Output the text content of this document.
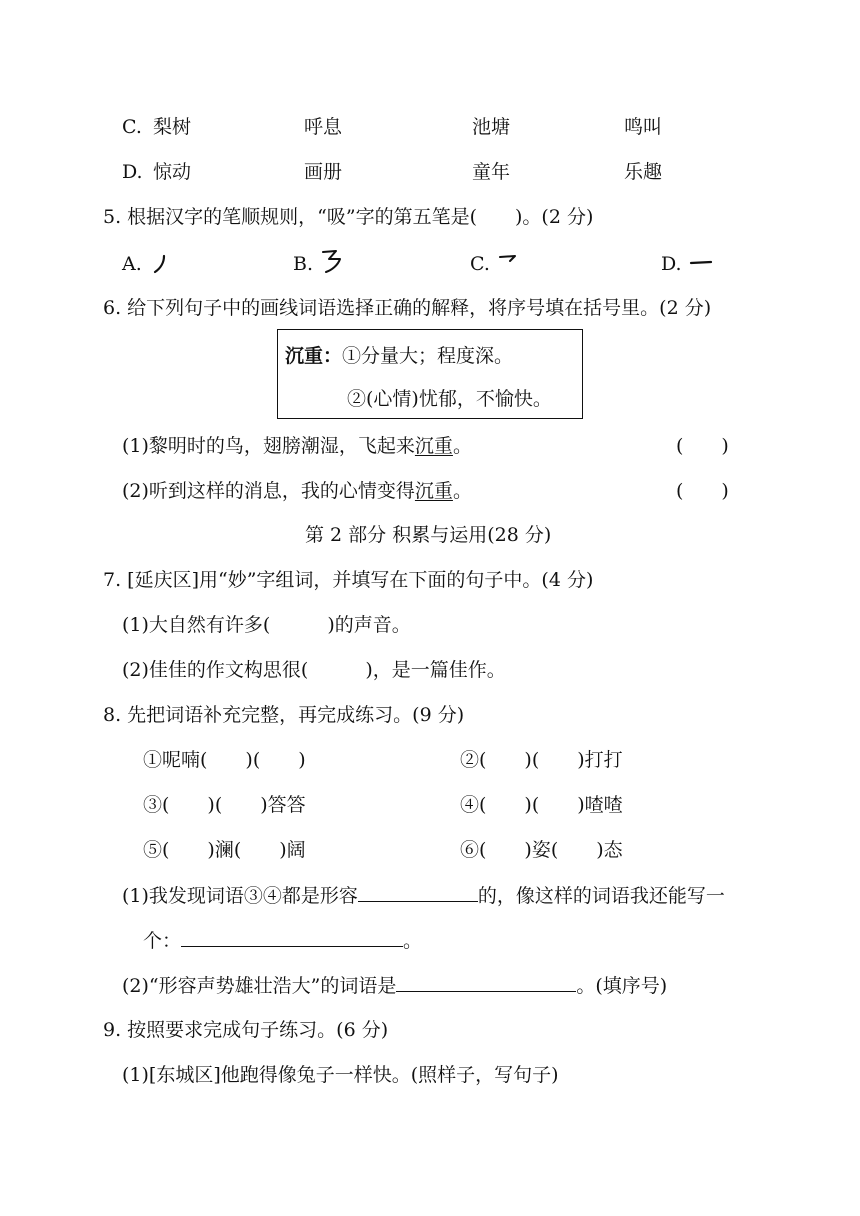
C. 梨树	呼息	池塘	鸣叫
D. 惊动	画册	童年	乐趣
5. 根据汉字的笔顺规则，“吸”字的第五笔是(　　)。(2 分)
A.	B.	C.	D.
6. 给下列句子中的画线词语选择正确的解释，将序号填在括号里。(2 分)
沉重：①分量大；程度深。
②(心情)忧郁，不愉快。
(1)黎明时的鸟，翅膀潮湿，飞起来沉重。	(　　)
(2)听到这样的消息，我的心情变得沉重。	(　　)
第 2 部分 积累与运用(28 分)
7. [延庆区]用“妙”字组词，并填写在下面的句子中。(4 分)
(1)大自然有许多(　　　)的声音。
(2)佳佳的作文构思很(　　　)，是一篇佳作。
8. 先把词语补充完整，再完成练习。(9 分)
①呢喃(　　)(　　)	②(　　)(　　)打打
③(　　)(　　)答答	④(　　)(　　)喳喳
⑤(　　)澜(　　)阔	⑥(　　)姿(　　)态
(1)我发现词语③④都是形容	的，像这样的词语我还能写一
个：	。
(2)“形容声势雄壮浩大”的词语是	。(填序号)
9. 按照要求完成句子练习。(6 分)
(1)[东城区]他跑得像兔子一样快。(照样子，写句子)
